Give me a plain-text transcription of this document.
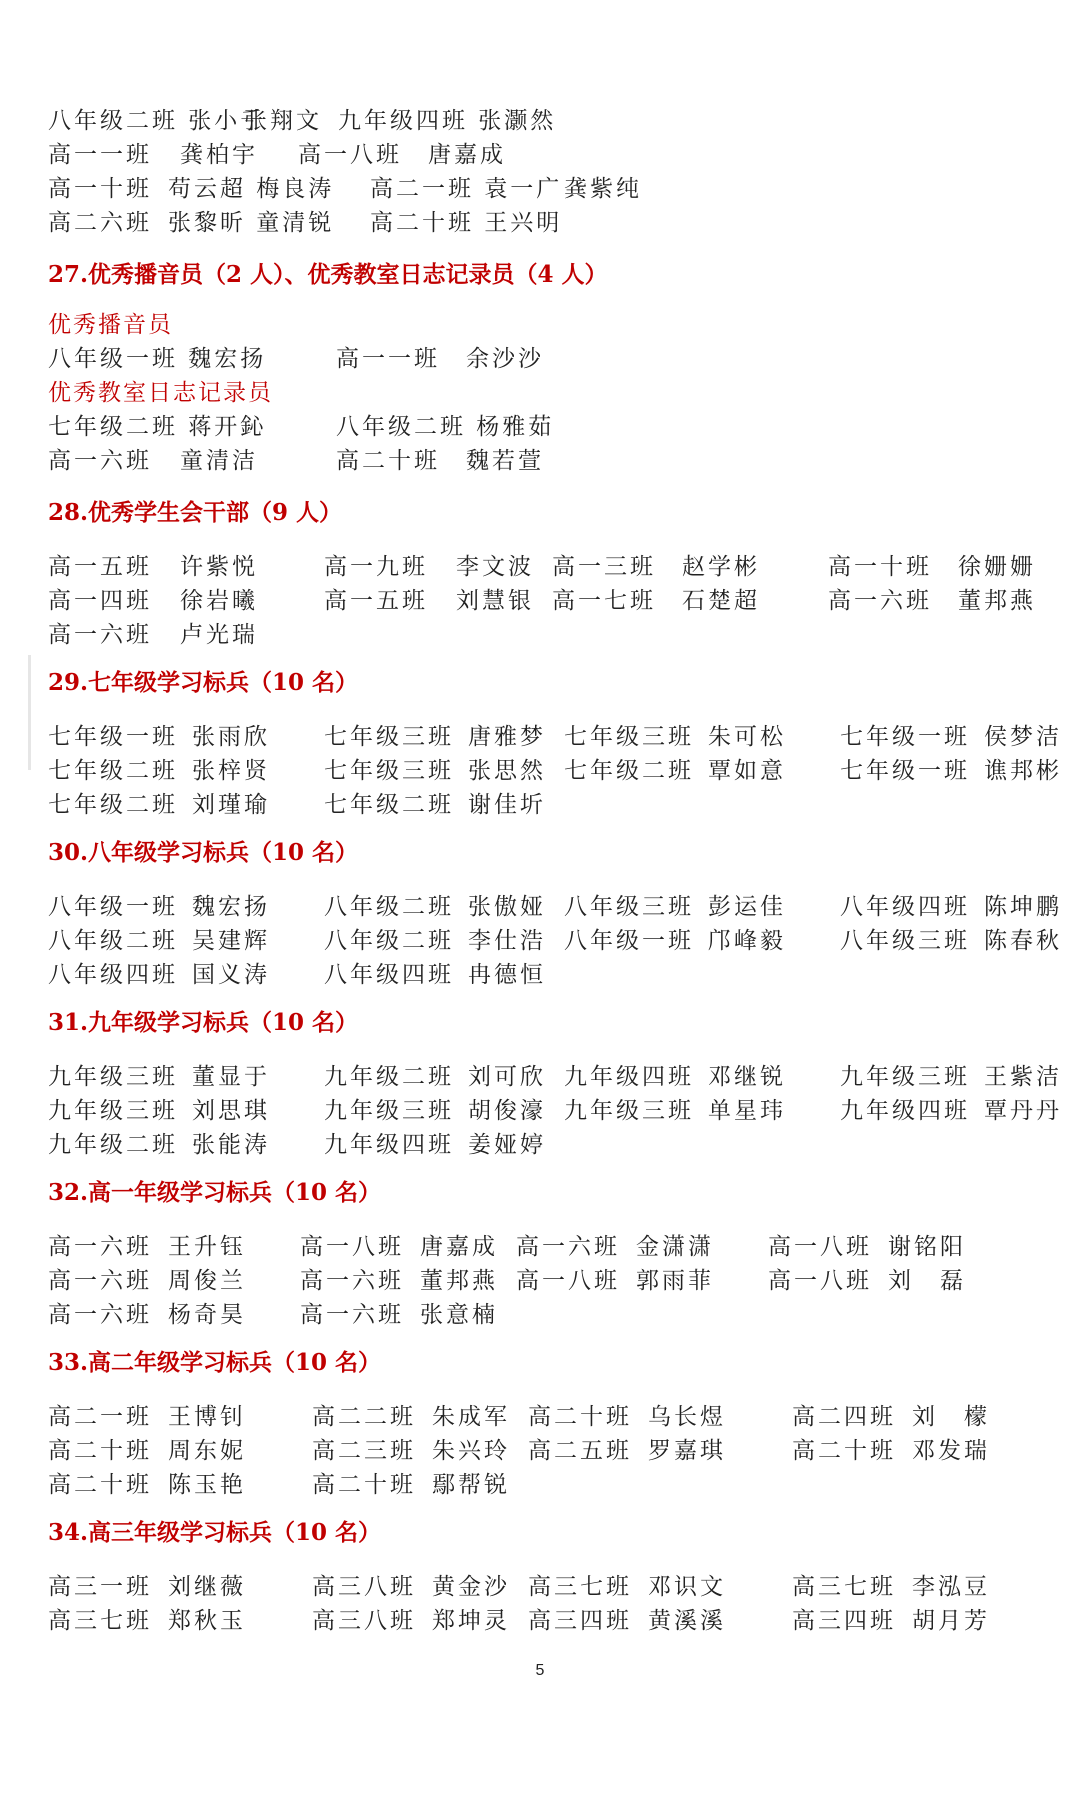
八年级二班 张小千
张翔文 九年级四班 张灏然
高一一班 龚柏宇 高一八班 唐嘉成
高一十班 苟云超 梅良涛 高二一班 袁一广 龚紫纯
高二六班 张黎昕 童清锐 高二十班 王兴明
27.优秀播音员（2 人）、优秀教室日志记录员（4 人）
优秀播音员
八年级一班 魏宏扬	高一一班 余沙沙
优秀教室日志记录员
七年级二班 蒋开鈊	八年级二班 杨雅茹
高一六班 童清洁	高二十班 魏若萱
28.优秀学生会干部（9 人）
高一五班 许紫悦	高一九班 李文波 高一三班 赵学彬	高一十班 徐姗姗
高一四班 徐岩曦	高一五班 刘慧银 高一七班 石楚超	高一六班 董邦燕
高一六班 卢光瑞
29.七年级学习标兵（10 名）
七年级一班 张雨欣 七年级三班 唐雅梦 七年级三班 朱可松 七年级一班 侯梦洁
七年级二班 张梓贤 七年级三班 张思然 七年级二班 覃如意 七年级一班 谯邦彬
七年级二班 刘瑾瑜 七年级二班 谢佳圻
30.八年级学习标兵（10 名）
八年级一班 魏宏扬 八年级二班 张傲娅 八年级三班 彭运佳 八年级四班 陈坤鹏
八年级二班 吴建辉 八年级二班 李仕浩 八年级一班 邝峰毅 八年级三班 陈春秋
八年级四班 国义涛 八年级四班 冉德恒
31.九年级学习标兵（10 名）
九年级三班 董显于 九年级二班 刘可欣 九年级四班 邓继锐 九年级三班 王紫洁
九年级三班 刘思琪 九年级三班 胡俊濠 九年级三班 单星玮 九年级四班 覃丹丹
九年级二班 张能涛 九年级四班 姜娅婷
32.高一年级学习标兵（10 名）
高一六班 王升钰 高一八班 唐嘉成 高一六班 金潇潇 高一八班 谢铭阳
高一六班 周俊兰 高一六班 董邦燕 高一八班 郭雨菲 高一八班 刘　磊
高一六班 杨奇昊 高一六班 张意楠
33.高二年级学习标兵（10 名）
高二一班 王博钊	高二二班 朱成军 高二十班 乌长煜	高二四班 刘　檬
高二十班 周东妮	高二三班 朱兴玲 高二五班 罗嘉琪	高二十班 邓发瑞
高二十班 陈玉艳	高二十班 鄢帮锐
34.高三年级学习标兵（10 名）
高三一班 刘继薇	高三八班 黄金沙 高三七班 邓识文	高三七班 李泓豆
高三七班 郑秋玉	高三八班 郑坤灵 高三四班 黄溪溪	高三四班 胡月芳
5
